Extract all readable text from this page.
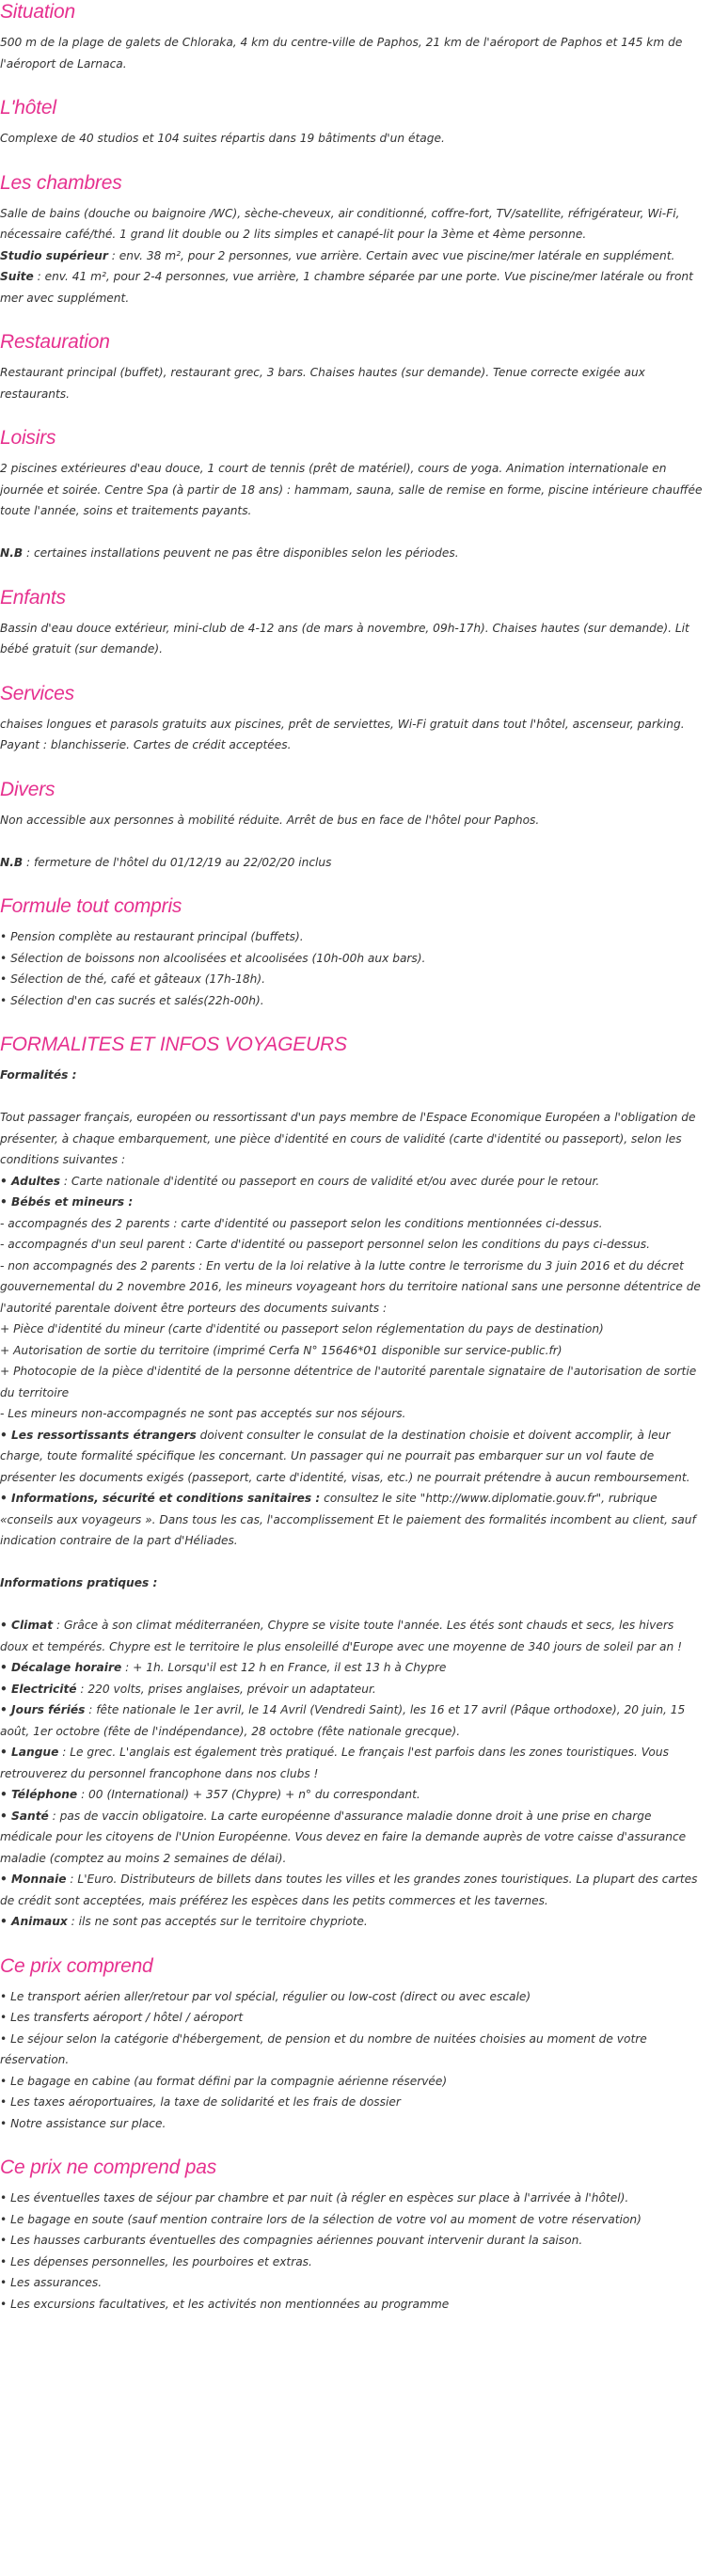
Situation

500 m de la plage de galets de Chloraka, 4 km du centre-ville de Paphos, 21 km de l'aéroport de Paphos et 145 km de l'aéroport de Larnaca.

L'hôtel

Complexe de 40 studios et 104 suites répartis dans 19 bâtiments d'un étage.

Les chambres

Salle de bains (douche ou baignoire /WC), sèche-cheveux, air conditionné, coffre-fort, TV/satellite, réfrigérateur, Wi-Fi, nécessaire café/thé. 1 grand lit double ou 2 lits simples et canapé-lit pour la 3ème et 4ème personne.

Studio supérieur : env. 38 m², pour 2 personnes, vue arrière. Certain avec vue piscine/mer latérale en supplément.

Suite : env. 41 m², pour 2-4 personnes, vue arrière, 1 chambre séparée par une porte. Vue piscine/mer latérale ou front mer avec supplément.

Restauration

Restaurant principal (buffet), restaurant grec, 3 bars. Chaises hautes (sur demande). Tenue correcte exigée aux restaurants.

Loisirs

2 piscines extérieures d'eau douce, 1 court de tennis (prêt de matériel), cours de yoga. Animation internationale en journée et soirée. Centre Spa (à partir de 18 ans) : hammam, sauna, salle de remise en forme, piscine intérieure chauffée toute l'année, soins et traitements payants.

N.B : certaines installations peuvent ne pas être disponibles selon les périodes.

Enfants

Bassin d'eau douce extérieur, mini-club de 4-12 ans (de mars à novembre, 09h-17h). Chaises hautes (sur demande). Lit bébé gratuit (sur demande).

Services

chaises longues et parasols gratuits aux piscines, prêt de serviettes, Wi-Fi gratuit dans tout l'hôtel, ascenseur, parking. Payant : blanchisserie. Cartes de crédit acceptées.

Divers

Non accessible aux personnes à mobilité réduite. Arrêt de bus en face de l'hôtel pour Paphos.

N.B : fermeture de l'hôtel du 01/12/19 au 22/02/20 inclus

Formule tout compris

• Pension complète au restaurant principal (buffets).

• Sélection de boissons non alcoolisées et alcoolisées (10h-00h aux bars).

• Sélection de thé, café et gâteaux (17h-18h).

• Sélection d'en cas sucrés et salés(22h-00h).

FORMALITES ET INFOS VOYAGEURS

Formalités :

Tout passager français, européen ou ressortissant d'un pays membre de l'Espace Economique Européen a l'obligation de présenter, à chaque embarquement, une pièce d'identité en cours de validité (carte d'identité ou passeport), selon les conditions suivantes :

• Adultes : Carte nationale d'identité ou passeport en cours de validité et/ou avec durée pour le retour.

• Bébés et mineurs :

- accompagnés des 2 parents : carte d'identité ou passeport selon les conditions mentionnées ci-dessus.

- accompagnés d'un seul parent : Carte d'identité ou passeport personnel selon les conditions du pays ci-dessus.

- non accompagnés des 2 parents : En vertu de la loi relative à la lutte contre le terrorisme du 3 juin 2016 et du décret gouvernemental du 2 novembre 2016, les mineurs voyageant hors du territoire national sans une personne détentrice de l'autorité parentale doivent être porteurs des documents suivants :

+ Pièce d'identité du mineur (carte d'identité ou passeport selon réglementation du pays de destination)

+ Autorisation de sortie du territoire (imprimé Cerfa N° 15646*01 disponible sur service-public.fr)

+ Photocopie de la pièce d'identité de la personne détentrice de l'autorité parentale signataire de l'autorisation de sortie du territoire

- Les mineurs non-accompagnés ne sont pas acceptés sur nos séjours.

• Les ressortissants étrangers doivent consulter le consulat de la destination choisie et doivent accomplir, à leur charge, toute formalité spécifique les concernant. Un passager qui ne pourrait pas embarquer sur un vol faute de présenter les documents exigés (passeport, carte d'identité, visas, etc.) ne pourrait prétendre à aucun remboursement.

• Informations, sécurité et conditions sanitaires : consultez le site "http://www.diplomatie.gouv.fr", rubrique «conseils aux voyageurs ». Dans tous les cas, l'accomplissement Et le paiement des formalités incombent au client, sauf indication contraire de la part d'Héliades.

Informations pratiques :

• Climat : Grâce à son climat méditerranéen, Chypre se visite toute l'année. Les étés sont chauds et secs, les hivers doux et tempérés. Chypre est le territoire le plus ensoleillé d'Europe avec une moyenne de 340 jours de soleil par an !

• Décalage horaire : + 1h. Lorsqu'il est 12 h en France, il est 13 h à Chypre

• Electricité : 220 volts, prises anglaises, prévoir un adaptateur.

• Jours fériés : fête nationale le 1er avril, le 14 Avril (Vendredi Saint), les 16 et 17 avril (Pâque orthodoxe), 20 juin, 15 août, 1er octobre (fête de l'indépendance), 28 octobre (fête nationale grecque).

• Langue : Le grec. L'anglais est également très pratiqué. Le français l'est parfois dans les zones touristiques. Vous retrouverez du personnel francophone dans nos clubs !

• Téléphone : 00 (International) + 357 (Chypre) + n° du correspondant.

• Santé : pas de vaccin obligatoire. La carte européenne d'assurance maladie donne droit à une prise en charge médicale pour les citoyens de l'Union Européenne. Vous devez en faire la demande auprès de votre caisse d'assurance maladie (comptez au moins 2 semaines de délai).

• Monnaie : L'Euro. Distributeurs de billets dans toutes les villes et les grandes zones touristiques. La plupart des cartes de crédit sont acceptées, mais préférez les espèces dans les petits commerces et les tavernes.

• Animaux : ils ne sont pas acceptés sur le territoire chypriote.

Ce prix comprend

• Le transport aérien aller/retour par vol spécial, régulier ou low-cost (direct ou avec escale)

• Les transferts aéroport / hôtel / aéroport

• Le séjour selon la catégorie d'hébergement, de pension et du nombre de nuitées choisies au moment de votre réservation.

• Le bagage en cabine (au format défini par la compagnie aérienne réservée)

• Les taxes aéroportuaires, la taxe de solidarité et les frais de dossier

• Notre assistance sur place.

Ce prix ne comprend pas

• Les éventuelles taxes de séjour par chambre et par nuit (à régler en espèces sur place à l'arrivée à l'hôtel).

• Le bagage en soute (sauf mention contraire lors de la sélection de votre vol au moment de votre réservation)

• Les hausses carburants éventuelles des compagnies aériennes pouvant intervenir durant la saison.

• Les dépenses personnelles, les pourboires et extras.

• Les assurances.

• Les excursions facultatives, et les activités non mentionnées au programme
